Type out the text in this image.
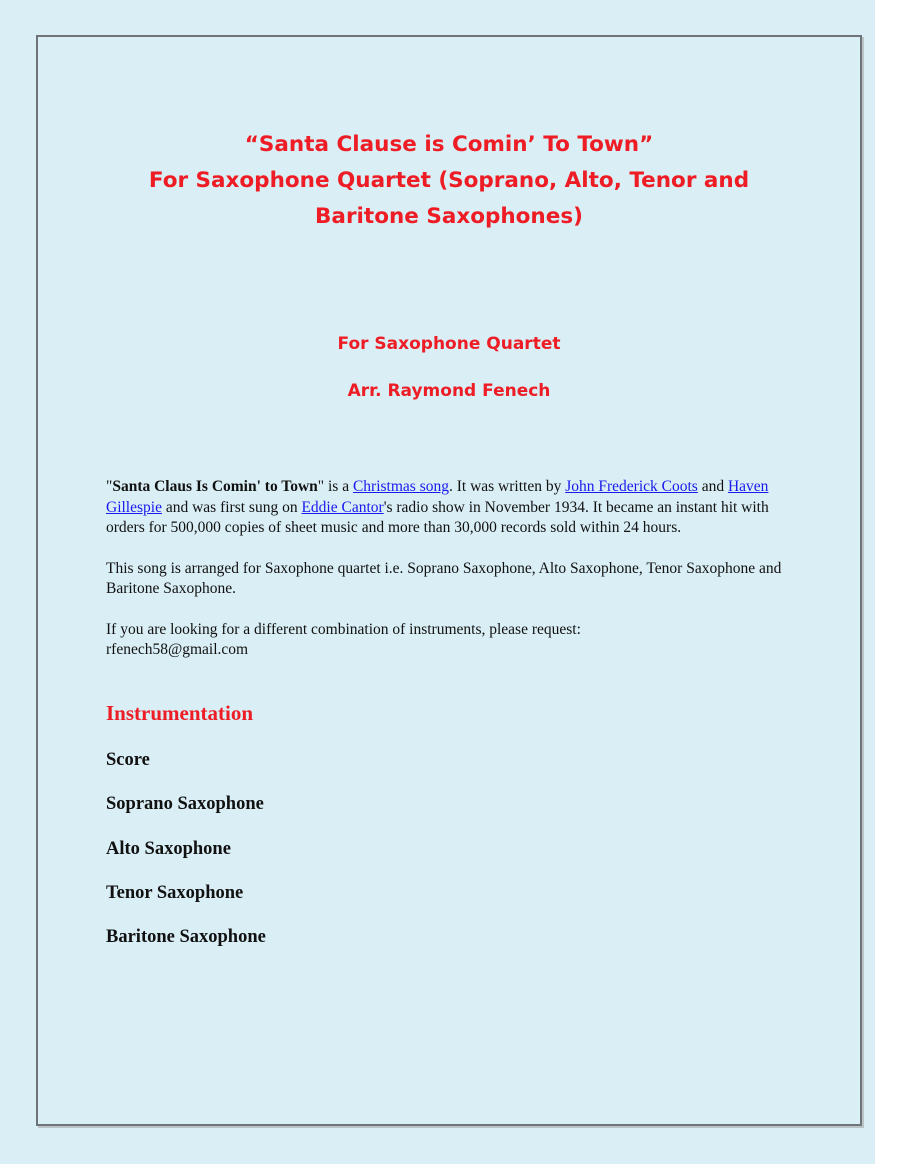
“Santa Clause is Comin’ To Town”
For Saxophone Quartet (Soprano, Alto, Tenor and
Baritone Saxophones)
For Saxophone Quartet
Arr. Raymond Fenech

"Santa Claus Is Comin' to Town" is a Christmas song. It was written by John Frederick Coots and Haven Gillespie and was first sung on Eddie Cantor's radio show in November 1934. It became an instant hit with orders for 500,000 copies of sheet music and more than 30,000 records sold within 24 hours.

This song is arranged for Saxophone quartet i.e. Soprano Saxophone, Alto Saxophone, Tenor Saxophone and Baritone Saxophone.

If you are looking for a different combination of instruments, please request:
rfenech58@gmail.com

Instrumentation
Score
Soprano Saxophone
Alto Saxophone
Tenor Saxophone
Baritone Saxophone
